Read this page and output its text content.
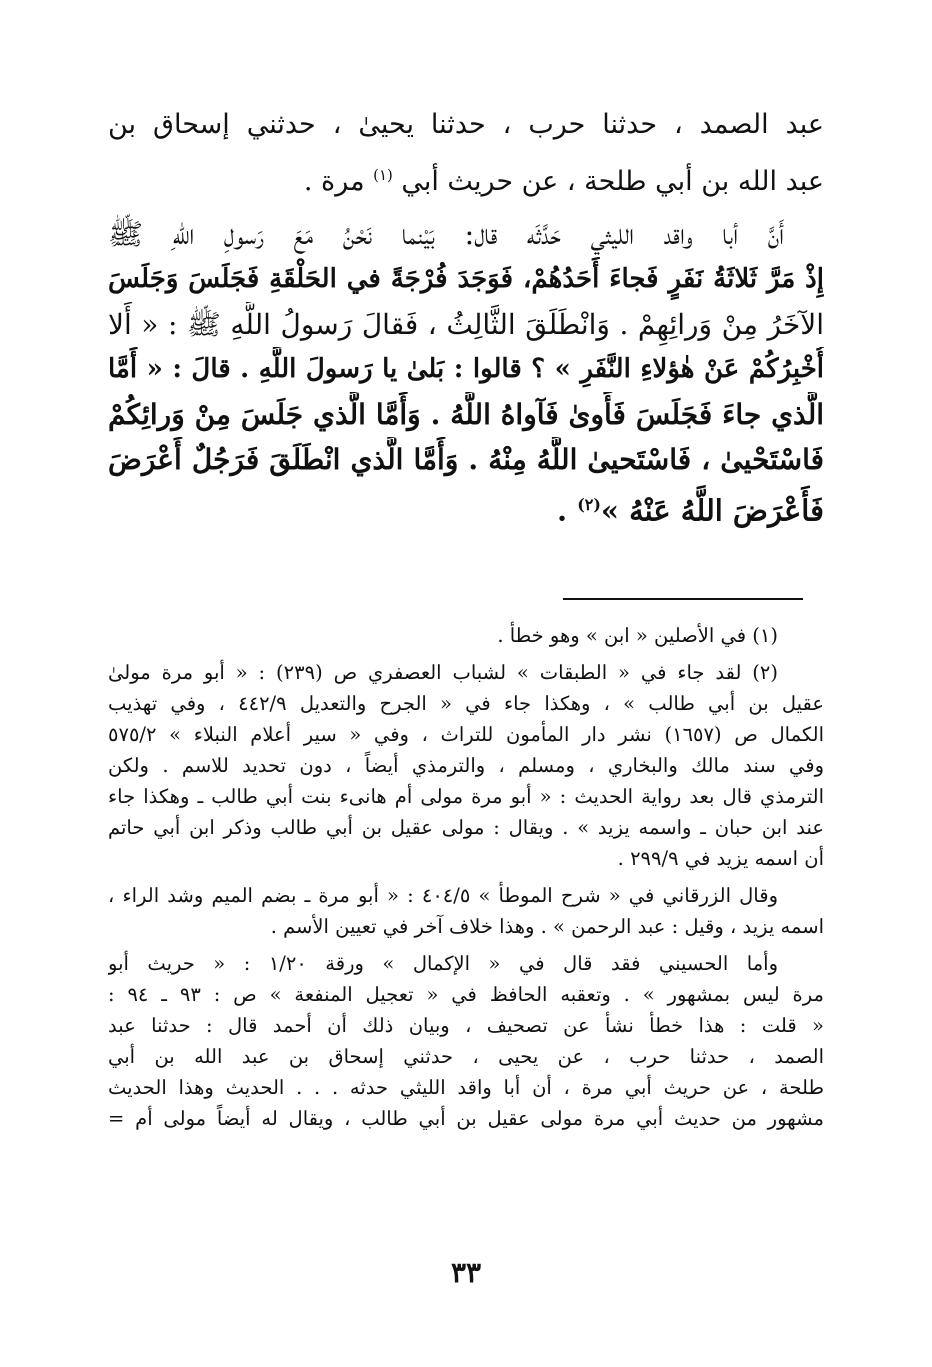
عبد الصمد ، حدثنا حرب ، حدثنا يحيىٰ ، حدثني إسحاق بن
عبد الله بن أبي طلحة ، عن حريث أبي $^{(١)}$ مرة .
أَنَّ أبا واقد الليثي حَدَّثَه قال: بَيْنما نَحْنُ مَعَ رَسولِ اللهِ ﷺ
إِذْ مَرَّ ثَلاثَةُ نَفَرٍ فَجاءَ أَحَدُهُمْ، فَوَجَدَ فُرْجَةً في الحَلْقَةِ فَجَلَسَ وَجَلَسَ
الآخَرُ مِنْ وَرائِهِمْ . وَانْطَلَقَ الثَّالِثُ ، فَقالَ رَسولُ اللَّهِ ﷺ : « أَلا
أُخْبِرُكُمْ عَنْ هٰؤلاءِ النَّفَرِ » ؟ قالوا : بَلىٰ يا رَسولَ اللَّهِ . قالَ : « أَمَّا
الَّذي جاءَ فَجَلَسَ فَأَوىٰ فَآواهُ اللَّهُ . وَأَمَّا الَّذي جَلَسَ مِنْ وَرائِكُمْ
فَاسْتَحْيىٰ ، فَاسْتَحيىٰ اللَّهُ مِنْهُ . وَأَمَّا الَّذي انْطَلَقَ فَرَجُلٌ أَعْرَضَ
فَأَعْرَضَ اللَّهُ عَنْهُ »$^{(٢)}$ .
(١) في الأصلين « ابن » وهو خطأ .
(٢) لقد جاء في « الطبقات » لشباب العصفري ص (٢٣٩) : « أبو مرة مولىٰ
عقيل بن أبي طالب » ، وهكذا جاء في « الجرح والتعديل ٤٤٢/٩ ، وفي تهذيب
الكمال ص (١٦٥٧) نشر دار المأمون للتراث ، وفي « سير أعلام النبلاء » ٥٧٥/٢
وفي سند مالك والبخاري ، ومسلم ، والترمذي أيضاً ، دون تحديد للاسم . ولكن
الترمذي قال بعد رواية الحديث : « أبو مرة مولى أم هانىء بنت أبي طالب ـ وهكذا جاء
عند ابن حبان ـ واسمه يزيد » . ويقال : مولى عقيل بن أبي طالب وذكر ابن أبي حاتم
أن اسمه يزيد في ٢٩٩/٩ .
وقال الزرقاني في « شرح الموطأ » ٤٠٤/٥ : « أبو مرة ـ بضم الميم وشد الراء ،
اسمه يزيد ، وقيل : عبد الرحمن » . وهذا خلاف آخر في تعيين الأسم .
وأما الحسيني فقد قال في « الإكمال » ورقة ١/٢٠ : « حريث أبو
مرة ليس بمشهور » . وتعقبه الحافظ في « تعجيل المنفعة » ص : ٩٣ ـ ٩٤ :
« قلت : هذا خطأ نشأ عن تصحيف ، وبيان ذلك أن أحمد قال : حدثنا عبد
الصمد ، حدثنا حرب ، عن يحيى ، حدثني إسحاق بن عبد الله بن أبي
طلحة ، عن حريث أبي مرة ، أن أبا واقد الليثي حدثه . . . الحديث وهذا الحديث
مشهور من حديث أبي مرة مولى عقيل بن أبي طالب ، ويقال له أيضاً مولى أم =
٣٣
